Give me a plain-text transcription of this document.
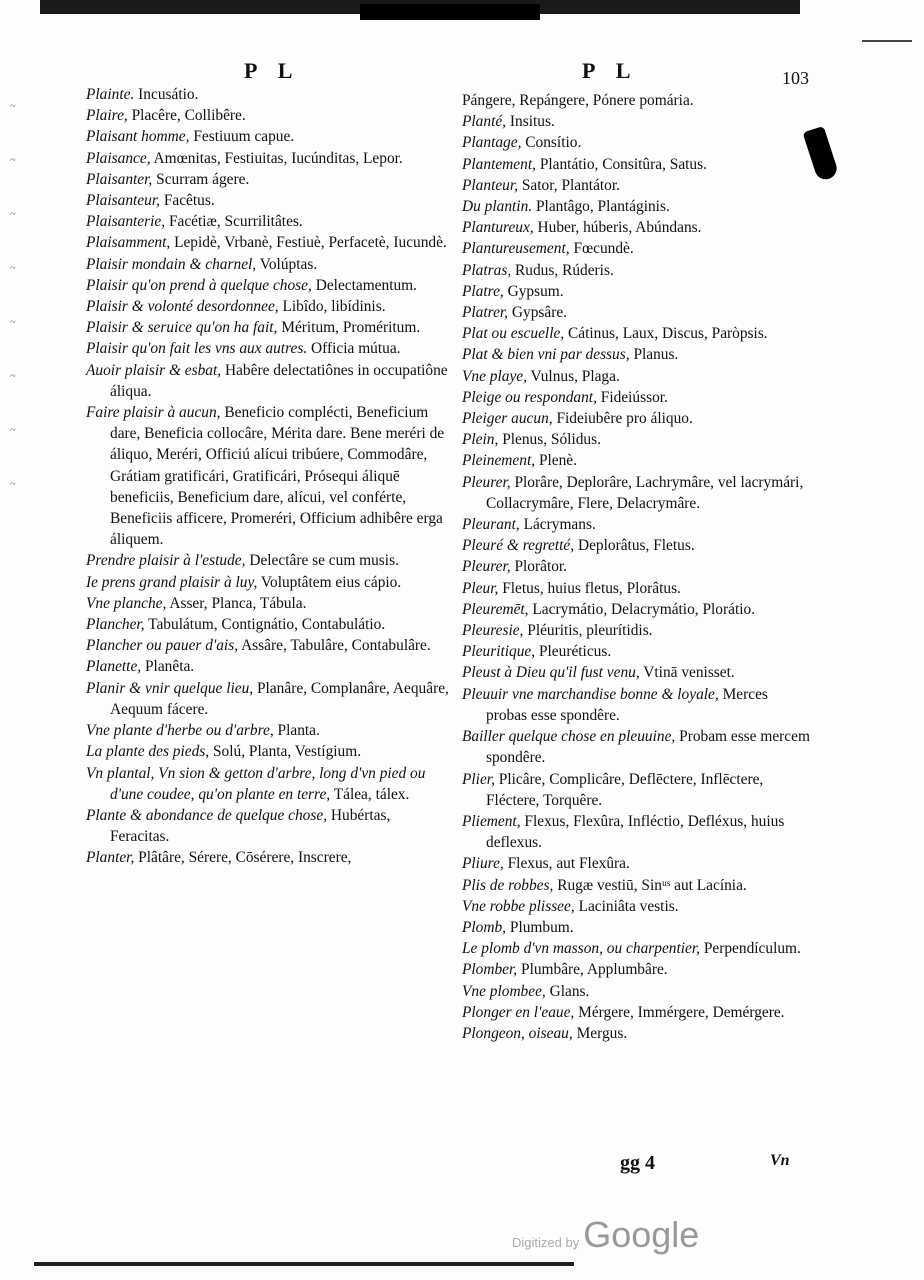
P L	P L	103
~
~
~
~
~
~
~
~

Plainte. Incusátio.

Plaire, Placêre, Collibêre.

Plaisant homme, Festiuum capue.

Plaisance, Amœnitas, Festiuitas, Iucúnditas, Lepor.

Plaisanter, Scurram ágere.

Plaisanteur, Facêtus.

Plaisanterie, Facétiæ, Scurrilitâtes.

Plaisamment, Lepidè, Vrbanè, Festiuè, Perfacetè, Iucundè.

Plaisir mondain & charnel, Volúptas.

Plaisir qu'on prend à quelque chose, Delectamentum.

Plaisir & volonté desordonnee, Libîdo, libídinis.

Plaisir & seruice qu'on ha fait, Méritum, Proméritum.

Plaisir qu'on fait les vns aux autres. Officia mútua.

Auoir plaisir & esbat, Habêre delectatiônes in occupatiône áliqua.

Faire plaisir à aucun, Beneficio complécti, Beneficium dare, Beneficia collocâre, Mérita dare. Bene meréri de áliquo, Meréri, Officiú alícui tribúere, Commodâre, Grátiam gratificári, Gratificári, Prósequi áliquē beneficiis, Beneficium dare, alícui, vel conférte, Beneficiis afficere, Promeréri, Officium adhibêre erga áliquem.

Prendre plaisir à l'estude, Delectâre se cum musis.

Ie prens grand plaisir à luy, Voluptâtem eius cápio.

Vne planche, Asser, Planca, Tábula.

Plancher, Tabulátum, Contignátio, Contabulátio.

Plancher ou pauer d'ais, Assâre, Tabulâre, Contabulâre.

Planette, Planêta.

Planir & vnir quelque lieu, Planâre, Complanâre, Aequâre, Aequum fácere.

Vne plante d'herbe ou d'arbre, Planta.

La plante des pieds, Solú, Planta, Vestígium.

Vn plantal, Vn sion & getton d'arbre, long d'vn pied ou d'une coudee, qu'on plante en terre, Tálea, tálex.

Plante & abondance de quelque chose, Hubértas, Feracitas.

Planter, Plâtâre, Sérere, Cōsérere, Inscrere,

Pángere, Repángere, Pónere pomária.

Planté, Insitus.

Plantage, Consítio.

Plantement, Plantátio, Consitûra, Satus.

Planteur, Sator, Plantátor.

Du plantin. Plantâgo, Plantáginis.

Plantureux, Huber, húberis, Abúndans.

Plantureusement, Fœcundè.

Platras, Rudus, Rúderis.

Platre, Gypsum.

Platrer, Gypsâre.

Plat ou escuelle, Cátinus, Laux, Discus, Paròpsis.

Plat & bien vni par dessus, Planus.

Vne playe, Vulnus, Plaga.

Pleige ou respondant, Fideiússor.

Pleiger aucun, Fideiubêre pro áliquo.

Plein, Plenus, Sólidus.

Pleinement, Plenè.

Pleurer, Plorâre, Deplorâre, Lachrymâre, vel lacrymári, Collacrymâre, Flere, Delacrymâre.

Pleurant, Lácrymans.

Pleuré & regretté, Deplorâtus, Fletus.

Pleurer, Plorâtor.

Pleur, Fletus, huius fletus, Plorâtus.

Pleuremēt, Lacrymátio, Delacrymátio, Plorátio.

Pleuresie, Pléuritis, pleurítidis.

Pleuritique, Pleuréticus.

Pleust à Dieu qu'il fust venu, Vtinā venisset.

Pleuuir vne marchandise bonne & loyale, Merces probas esse spondêre.

Bailler quelque chose en pleuuine, Probam esse mercem spondêre.

Plier, Plicâre, Complicâre, Deflēctere, Inflēctere, Fléctere, Torquêre.

Pliement, Flexus, Flexûra, Infléctio, Defléxus, huius deflexus.

Pliure, Flexus, aut Flexûra.

Plis de robbes, Rugæ vestiū, Sinᵘˢ aut Lacínia.

Vne robbe plissee, Laciniâta vestis.

Plomb, Plumbum.

Le plomb d'vn masson, ou charpentier, Perpendículum.

Plomber, Plumbâre, Applumbâre.

Vne plombee, Glans.

Plonger en l'eaue, Mérgere, Immérgere, Demérgere.

Plongeon, oiseau, Mergus.

gg 4	Vn
Digitized by Google
